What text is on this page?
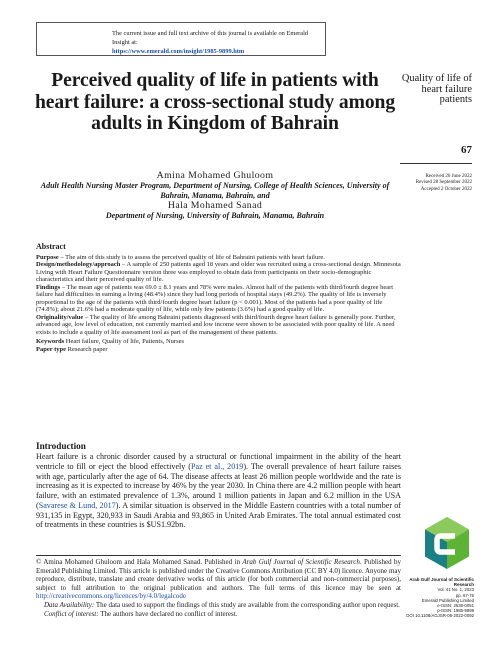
The current issue and full text archive of this journal is available on Emerald Insight at:
https://www.emerald.com/insight/1985-9899.htm
Perceived quality of life in patients with heart failure: a cross-sectional study among adults in Kingdom of Bahrain
Amina Mohamed Ghuloom
Adult Health Nursing Master Program, Department of Nursing, College of Health Sciences, University of Bahrain, Manama, Bahrain, and
Hala Mohamed Sanad
Department of Nursing, University of Bahrain, Manama, Bahrain
Quality of life of heart failure patients
67
Received 26 June 2022
Revised 28 September 2022
Accepted 2 October 2022
Abstract

Purpose – The aim of this study is to assess the perceived quality of life of Bahraini patients with heart failure.

Design/methodology/approach – A sample of 250 patients aged 18 years and older was recruited using a cross-sectional design. Minnesota Living with Heart Failure Questionnaire version three was employed to obtain data from participants on their socio-demographic characteristics and their perceived quality of life.

Findings – The mean age of patients was 69.0 ± 8.1 years and 78% were males. Almost half of the patients with third/fourth degree heart failure had difficulties in earning a living (48.4%) since they had long periods of hospital stays (49.2%). The quality of life is inversely proportional to the age of the patients with third/fourth degree heart failure (p < 0.001). Most of the patients had a poor quality of life (74.8%); about 21.6% had a moderate quality of life, while only few patients (3.6%) had a good quality of life.

Originality/value – The quality of life among Bahraini patients diagnosed with third/fourth degree heart failure is generally poor. Further, advanced age, low level of education, not currently married and low income were shown to be associated with poor quality of life. A need exists to include a quality of life assessment tool as part of the management of these patients.

Keywords Heart failure, Quality of life, Patients, Nurses

Paper type Research paper

Introduction

Heart failure is a chronic disorder caused by a structural or functional impairment in the ability of the heart ventricle to fill or eject the blood effectively (Paz et al., 2019). The overall prevalence of heart failure raises with age, particularly after the age of 64. The disease affects at least 26 million people worldwide and the rate is increasing as it is expected to increase by 46% by the year 2030. In China there are 4.2 million people with heart failure, with an estimated prevalence of 1.3%, around 1 million patients in Japan and 6.2 million in the USA (Savarese & Lund, 2017). A similar situation is observed in the Middle Eastern countries with a total number of 931,135 in Egypt, 320,933 in Saudi Arabia and 93,865 in United Arab Emirates. The total annual estimated cost of treatments in these countries is $US1.92bn.

© Amina Mohamed Ghuloom and Hala Mohamed Sanad. Published in Arab Gulf Journal of Scientific Research. Published by Emerald Publishing Limited. This article is published under the Creative Commons Attribution (CC BY 4.0) licence. Anyone may reproduce, distribute, translate and create derivative works of this article (for both commercial and non-commercial purposes), subject to full attribution to the original publication and authors. The full terms of this licence may be seen at http://creativecommons.org/licences/by/4.0/legalcode

Data Availability: The data used to support the findings of this study are available from the corresponding author upon request.

Conflict of interest: The authors have declared no conflict of interest.

Arab Gulf Journal of Scientific Research
Vol. 41 No. 1, 2023
pp. 67-76
Emerald Publishing Limited
e-ISSN: 2536-0051
p-ISSN: 1985-9899
DOI 10.1108/AGJSR-06-2022-0092
